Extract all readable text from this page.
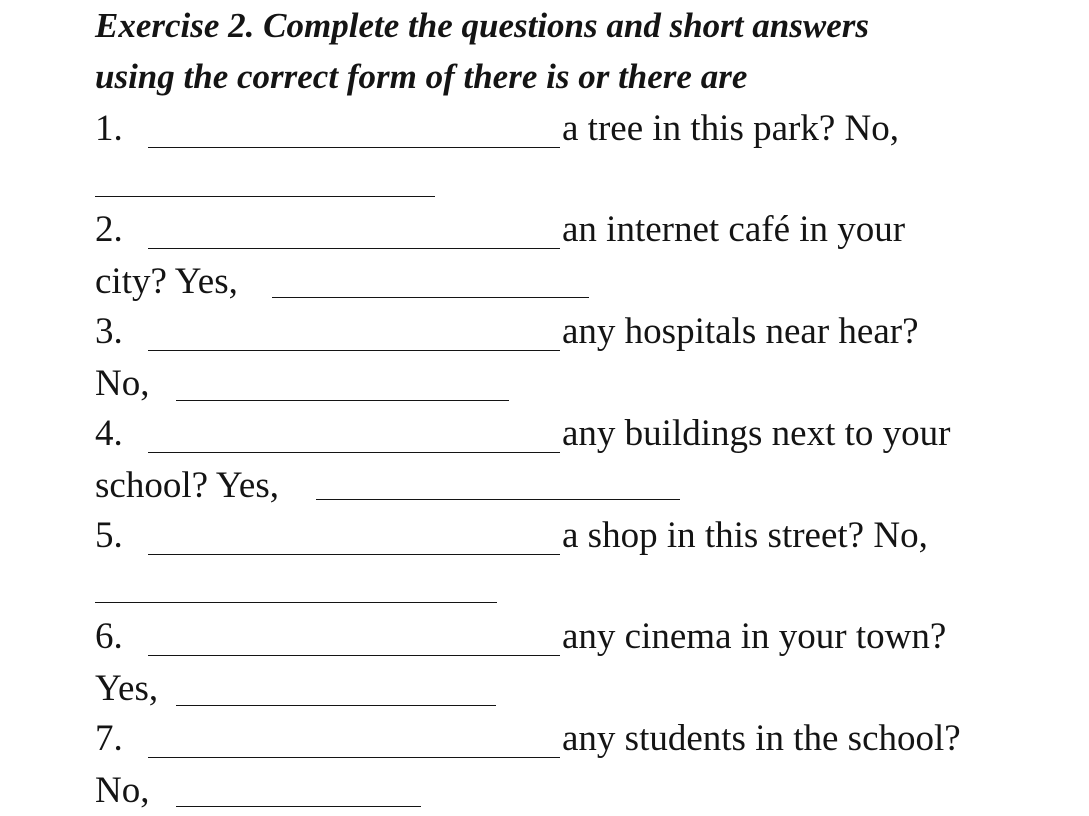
Exercise 2. Complete the questions and short answers
using the correct form of there is or there are
1.	a tree in this park? No,
2.	an internet café in your
city? Yes,
3.	any hospitals near hear?
No,
4.	any buildings next to your
school? Yes,
5.	a shop in this street? No,
6.	any cinema in your town?
Yes,
7.	any students in the school?
No,
